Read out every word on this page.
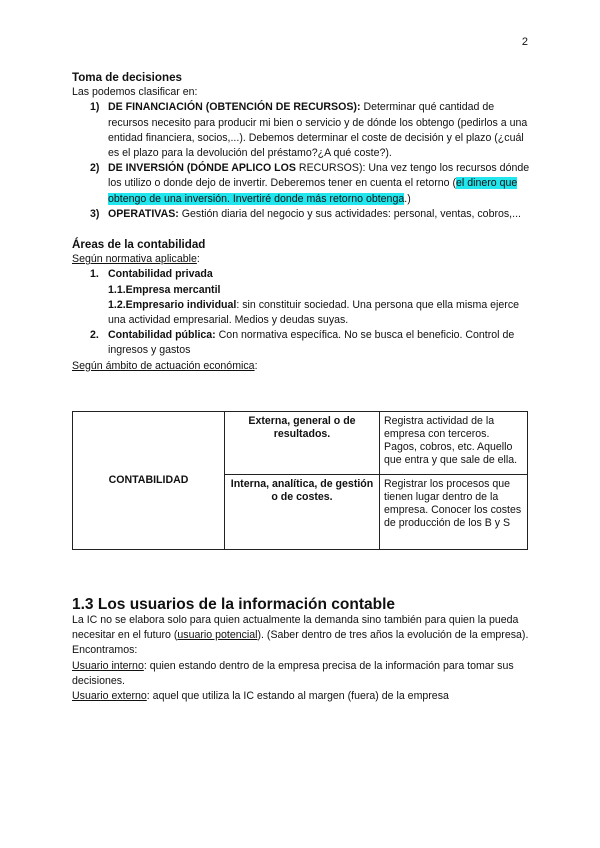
2

Toma de decisiones

Las podemos clasificar en:

1) DE FINANCIACIÓN (OBTENCIÓN DE RECURSOS): Determinar qué cantidad de recursos necesito para producir mi bien o servicio y de dónde los obtengo (pedirlos a una entidad financiera, socios,...). Debemos determinar el coste de decisión y el plazo (¿cuál es el plazo para la devolución del préstamo?¿A qué coste?).
2) DE INVERSIÓN (DÓNDE APLICO LOS RECURSOS): Una vez tengo los recursos dónde los utilizo o donde dejo de invertir. Deberemos tener en cuenta el retorno (el dinero que obtengo de una inversión. Invertiré donde más retorno obtenga.)
3) OPERATIVAS: Gestión diaria del negocio y sus actividades: personal, ventas, cobros,...

Áreas de la contabilidad

Según normativa aplicable:

1. Contabilidad privada
1.1.Empresa mercantil
1.2.Empresario individual: sin constituir sociedad. Una persona que ella misma ejerce una actividad empresarial. Medios y deudas suyas.
2. Contabilidad pública: Con normativa específica. No se busca el beneficio. Control de ingresos y gastos

Según ámbito de actuación económica:

CONTABILIDAD	Externa, general o de resultados.	Registra actividad de la empresa con terceros. Pagos, cobros, etc. Aquello que entra y que sale de ella.
	Interna, analítica, de gestión o de costes.	Registrar los procesos que tienen lugar dentro de la empresa. Conocer los costes de producción de los B y S
1.3 Los usuarios de la información contable

La IC no se elabora solo para quien actualmente la demanda sino también para quien la pueda necesitar en el futuro (usuario potencial). (Saber dentro de tres años la evolución de la empresa). Encontramos:

Usuario interno: quien estando dentro de la empresa precisa de la información para tomar sus decisiones.

Usuario externo: aquel que utiliza la IC estando al margen (fuera) de la empresa
